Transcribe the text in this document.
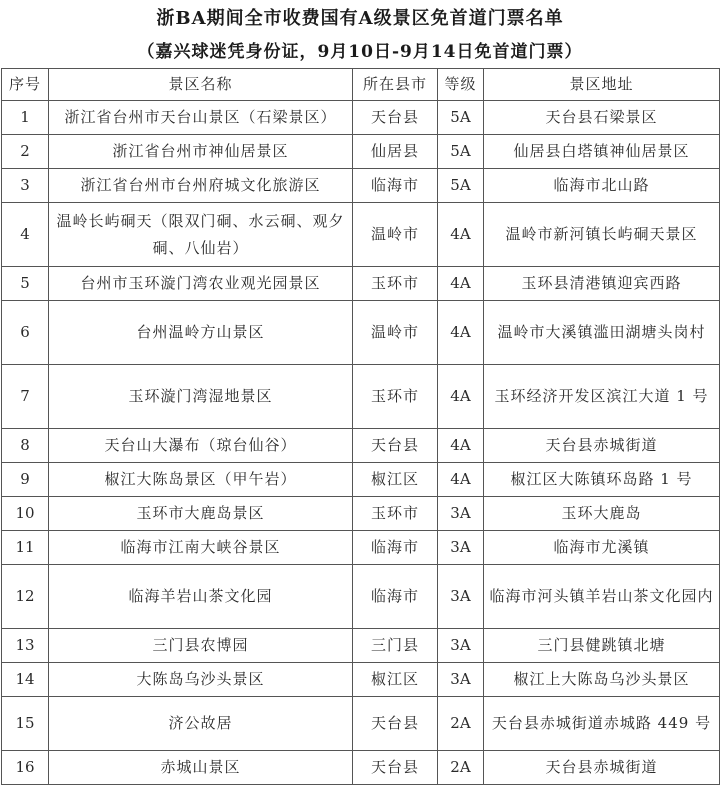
浙BA期间全市收费国有A级景区免首道门票名单
（嘉兴球迷凭身份证，9月10日-9月14日免首道门票）
序号	景区名称	所在县市	等级	景区地址
1	浙江省台州市天台山景区（石梁景区）	天台县	5A	天台县石梁景区
2	浙江省台州市神仙居景区	仙居县	5A	仙居县白塔镇神仙居景区
3	浙江省台州市台州府城文化旅游区	临海市	5A	临海市北山路
4	温岭长屿硐天（限双门硐、水云硐、观夕硐、八仙岩）	温岭市	4A	温岭市新河镇长屿硐天景区
5	台州市玉环漩门湾农业观光园景区	玉环市	4A	玉环县清港镇迎宾西路
6	台州温岭方山景区	温岭市	4A	温岭市大溪镇滥田湖塘头岗村
7	玉环漩门湾湿地景区	玉环市	4A	玉环经济开发区滨江大道 1 号
8	天台山大瀑布（琼台仙谷）	天台县	4A	天台县赤城街道
9	椒江大陈岛景区（甲午岩）	椒江区	4A	椒江区大陈镇环岛路 1 号
10	玉环市大鹿岛景区	玉环市	3A	玉环大鹿岛
11	临海市江南大峡谷景区	临海市	3A	临海市尤溪镇
12	临海羊岩山茶文化园	临海市	3A	临海市河头镇羊岩山茶文化园内
13	三门县农博园	三门县	3A	三门县健跳镇北塘
14	大陈岛乌沙头景区	椒江区	3A	椒江上大陈岛乌沙头景区
15	济公故居	天台县	2A	天台县赤城街道赤城路 449 号
16	赤城山景区	天台县	2A	天台县赤城街道
